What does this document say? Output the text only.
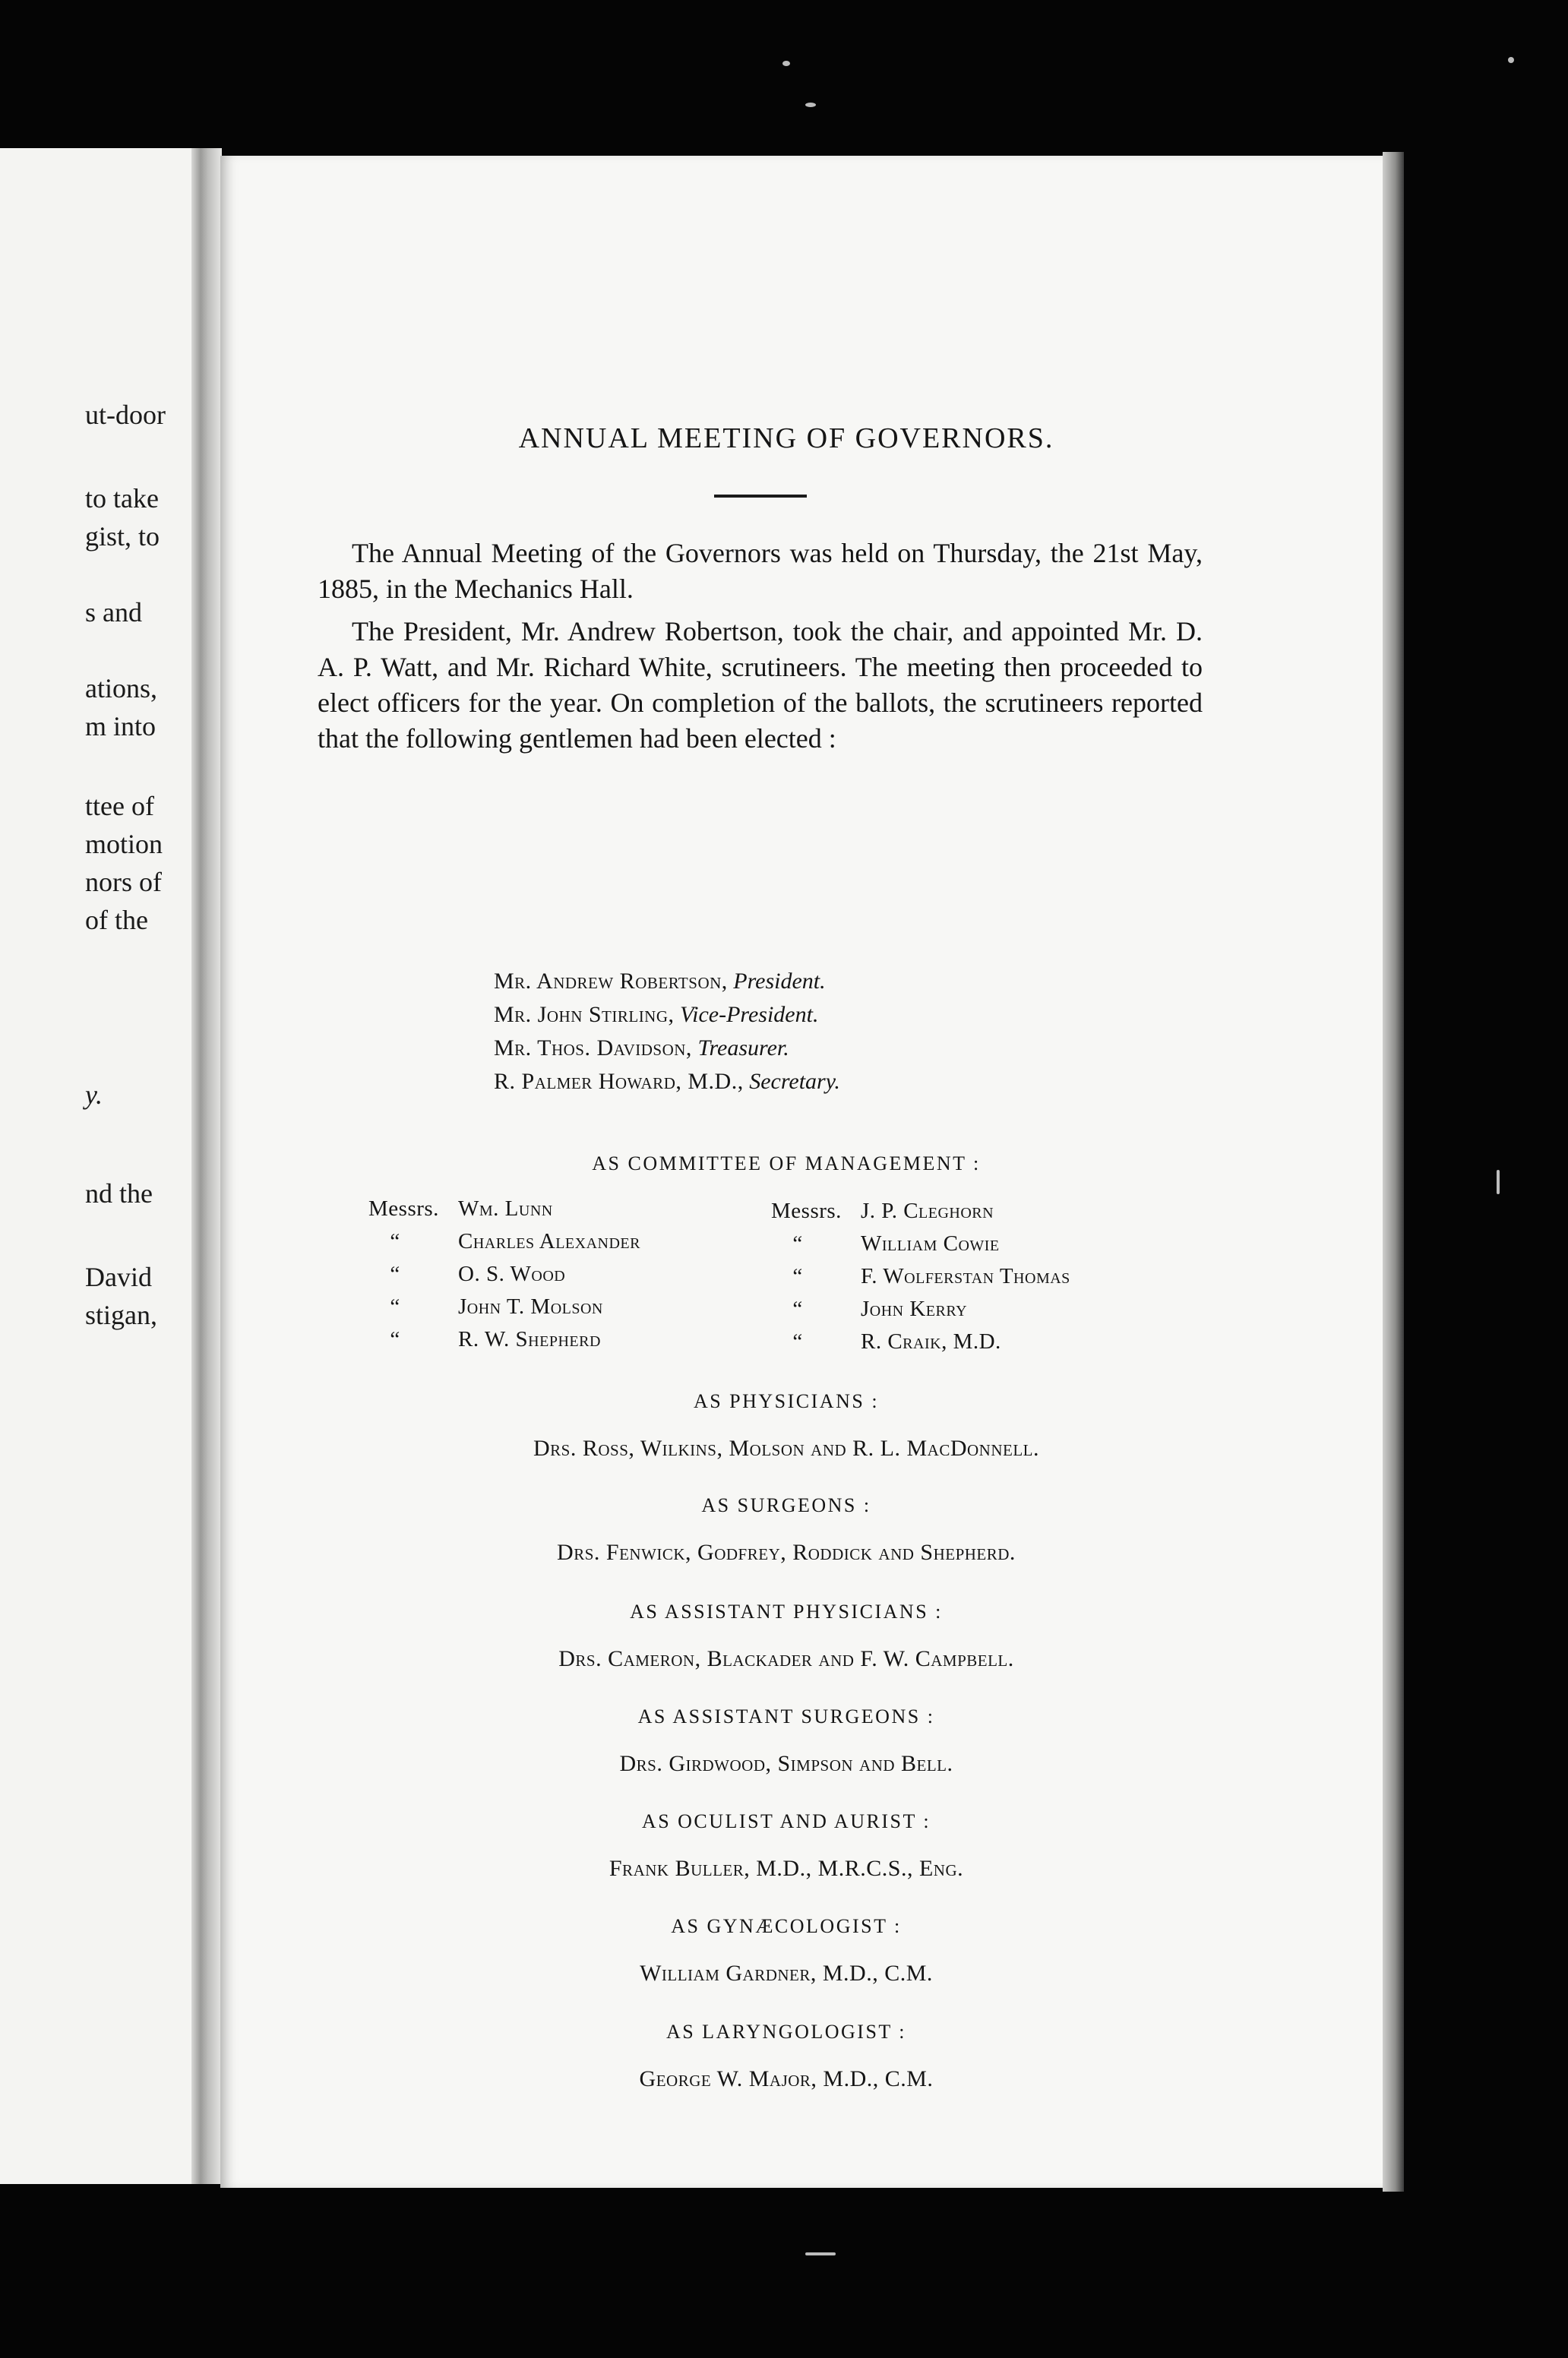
ut-door
to take
gist, to
s and
ations,
m into
ttee of
motion
nors of
of the
y.
nd the
David
stigan,
ANNUAL MEETING OF GOVERNORS.
The Annual Meeting of the Governors was held on Thursday, the 21st May, 1885, in the Mechanics Hall.
The President, Mr. Andrew Robertson, took the chair, and appointed Mr. D. A. P. Watt, and Mr. Richard White, scrutineers. The meeting then proceeded to elect officers for the year. On completion of the ballots, the scrutineers reported that the following gentlemen had been elected :
Mr. Andrew Robertson, President.
Mr. John Stirling, Vice-President.
Mr. Thos. Davidson, Treasurer.
R. Palmer Howard, M.D., Secretary.
AS COMMITTEE OF MANAGEMENT :
Messrs. Wm. Lunn
“	Charles Alexander
“	O. S. Wood
“	John T. Molson
“	R. W. Shepherd
Messrs. J. P. Cleghorn
“	William Cowie
“	F. Wolferstan Thomas
“	John Kerry
“	R. Craik, M.D.
AS PHYSICIANS :
Drs. Ross, Wilkins, Molson and R. L. MacDonnell.
AS SURGEONS :
Drs. Fenwick, Godfrey, Roddick and Shepherd.
AS ASSISTANT PHYSICIANS :
Drs. Cameron, Blackader and F. W. Campbell.
AS ASSISTANT SURGEONS :
Drs. Girdwood, Simpson and Bell.
AS OCULIST AND AURIST :
Frank Buller, M.D., M.R.C.S., Eng.
AS GYNÆCOLOGIST :
William Gardner, M.D., C.M.
AS LARYNGOLOGIST :
George W. Major, M.D., C.M.
